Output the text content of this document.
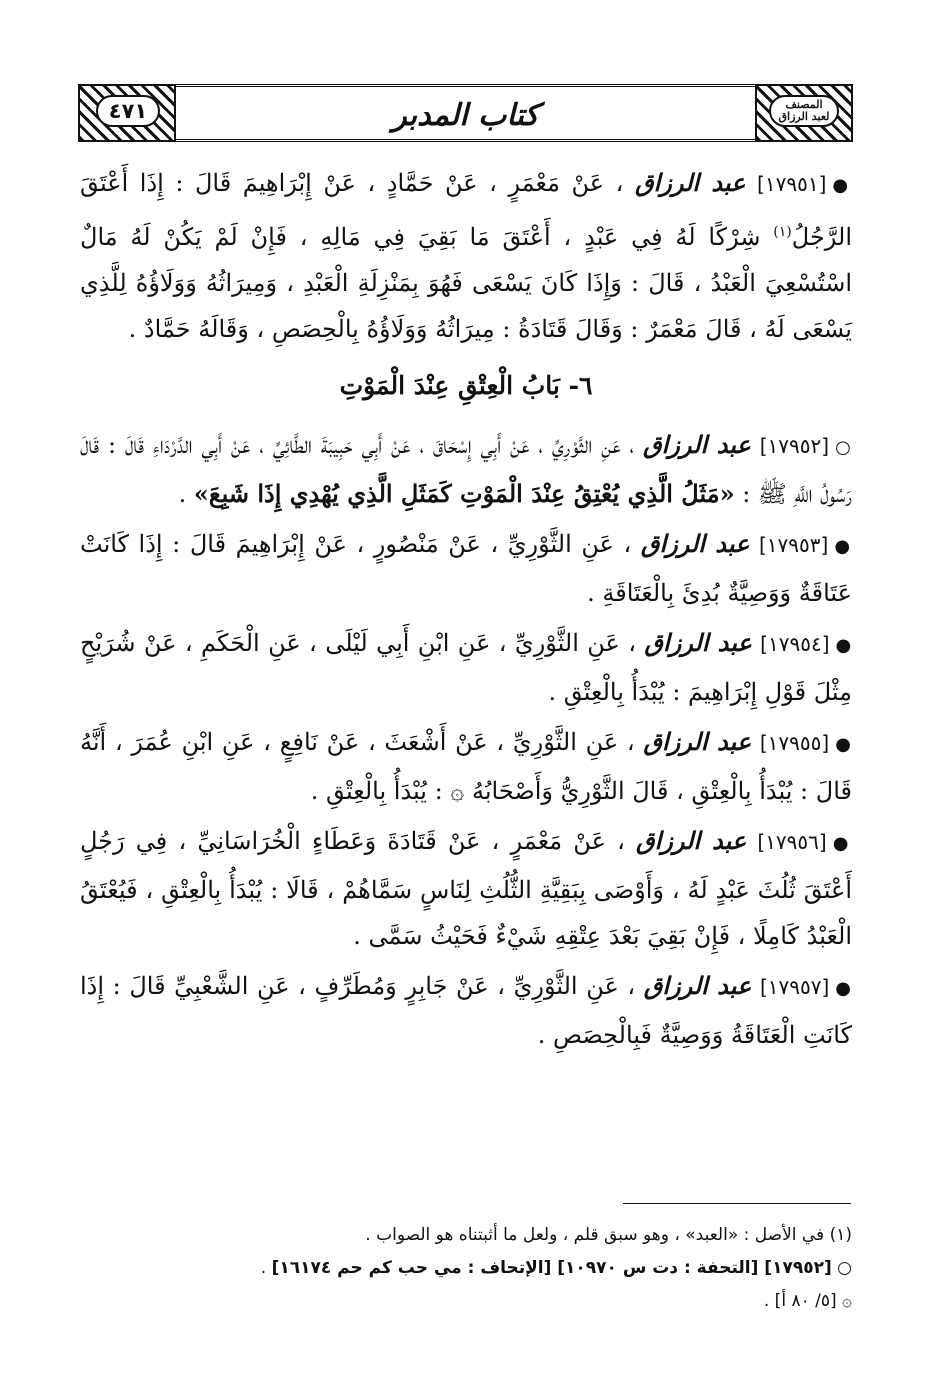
كتاب المدبر
٤٧١	المصنف
لعبد الرزاق

●[١٧٩٥١] عبد الرزاق ، عَنْ مَعْمَرٍ ، عَنْ حَمَّادٍ ، عَنْ إِبْرَاهِيمَ قَالَ : إِذَا أَعْتَقَ الرَّجُلُ$^{(١)}$ شِرْكًا لَهُ فِي عَبْدٍ ، أَعْتَقَ مَا بَقِيَ فِي مَالِهِ ، فَإِنْ لَمْ يَكُنْ لَهُ مَالٌ اسْتُسْعِيَ الْعَبْدُ ، قَالَ : وَإِذَا كَانَ يَسْعَى فَهُوَ بِمَنْزِلَةِ الْعَبْدِ ، وَمِيرَاثُهُ وَوَلَاؤُهُ لِلَّذِي يَسْعَى لَهُ ، قَالَ مَعْمَرٌ : وَقَالَ قَتَادَةُ : مِيرَاثُهُ وَوَلَاؤُهُ بِالْحِصَصِ ، وَقَالَهُ حَمَّادٌ .

٦- بَابُ الْعِتْقِ عِنْدَ الْمَوْتِ

○[١٧٩٥٢] عبد الرزاق ، عَنِ الثَّوْرِيِّ ، عَنْ أَبِي إِسْحَاقَ ، عَنْ أَبِي حَبِيبَةَ الطَّائِيِّ ، عَنْ أَبِي الدَّرْدَاءِ قَالَ : قَالَ رَسُولُ اللَّهِ ﷺ : «مَثَلُ الَّذِي يُعْتِقُ عِنْدَ الْمَوْتِ كَمَثَلِ الَّذِي يُهْدِي إِذَا شَبِعَ» .

●[١٧٩٥٣] عبد الرزاق ، عَنِ الثَّوْرِيِّ ، عَنْ مَنْصُورٍ ، عَنْ إِبْرَاهِيمَ قَالَ : إِذَا كَانَتْ عَتَاقَةٌ وَوَصِيَّةٌ بُدِئَ بِالْعَتَاقَةِ .

●[١٧٩٥٤] عبد الرزاق ، عَنِ الثَّوْرِيِّ ، عَنِ ابْنِ أَبِي لَيْلَى ، عَنِ الْحَكَمِ ، عَنْ شُرَيْحٍ مِثْلَ قَوْلِ إِبْرَاهِيمَ : يُبْدَأُ بِالْعِتْقِ .

●[١٧٩٥٥] عبد الرزاق ، عَنِ الثَّوْرِيِّ ، عَنْ أَشْعَثَ ، عَنْ نَافِعٍ ، عَنِ ابْنِ عُمَرَ ، أَنَّهُ قَالَ : يُبْدَأُ بِالْعِتْقِ ، قَالَ الثَّوْرِيُّ وَأَصْحَابُهُ ۞ : يُبْدَأُ بِالْعِتْقِ .

●[١٧٩٥٦] عبد الرزاق ، عَنْ مَعْمَرٍ ، عَنْ قَتَادَةَ وَعَطَاءٍ الْخُرَاسَانِيِّ ، فِي رَجُلٍ أَعْتَقَ ثُلُثَ عَبْدٍ لَهُ ، وَأَوْصَى بِبَقِيَّةِ الثُّلُثِ لِنَاسٍ سَمَّاهُمْ ، قَالَا : يُبْدَأُ بِالْعِتْقِ ، فَيُعْتَقُ الْعَبْدُ كَامِلًا ، فَإِنْ بَقِيَ بَعْدَ عِتْقِهِ شَيْءٌ فَحَيْثُ سَمَّى .

●[١٧٩٥٧] عبد الرزاق ، عَنِ الثَّوْرِيِّ ، عَنْ جَابِرٍ وَمُطَرِّفٍ ، عَنِ الشَّعْبِيِّ قَالَ : إِذَا كَانَتِ الْعَتَاقَةُ وَوَصِيَّةٌ فَبِالْحِصَصِ .

(١) في الأصل : «العبد» ، وهو سبق قلم ، ولعل ما أثبتناه هو الصواب .

○ [١٧٩٥٢] [التحفة : دت س ١٠٩٧٠] [الإتحاف : مي حب كم حم ١٦١٧٤] .

۞ [٥/ ٨٠ أ] .
